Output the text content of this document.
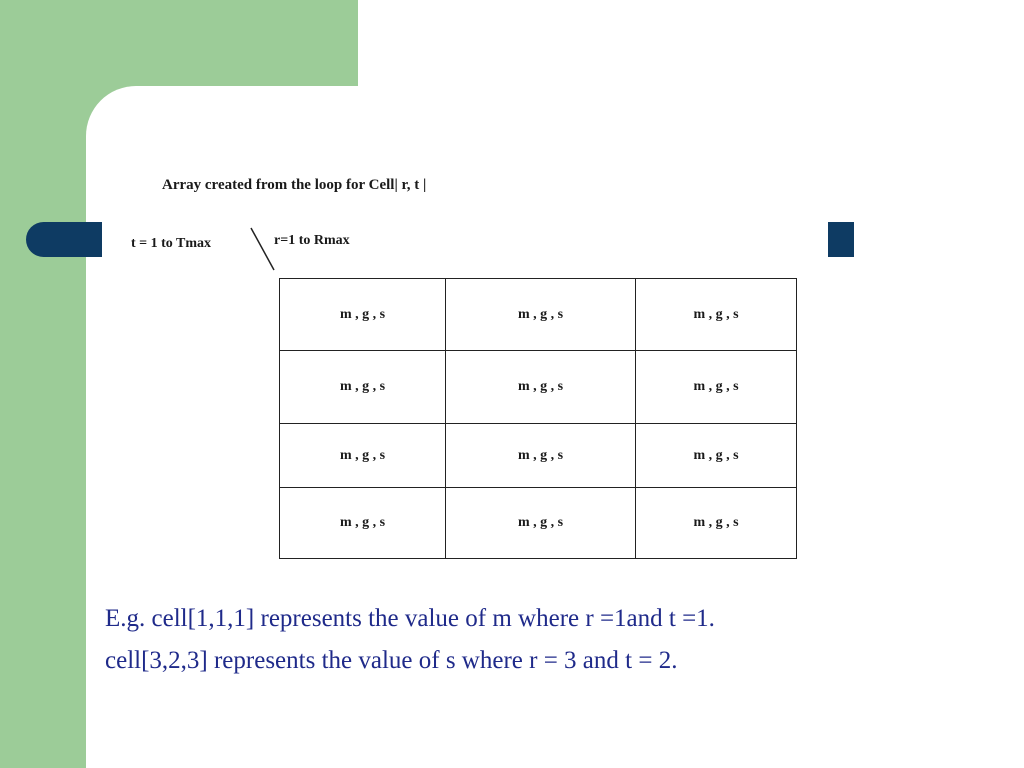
Array created from the loop for Cell| r, t |
t = 1 to Tmax	r=1 to Rmax
m , g , s	m , g , s	m , g , s
m , g , s	m , g , s	m , g , s
m , g , s	m , g , s	m , g , s
m , g , s	m , g , s	m , g , s
E.g. cell[1,1,1] represents the value of m where r =1and t =1.
cell[3,2,3] represents the value of s where r = 3 and t = 2.
